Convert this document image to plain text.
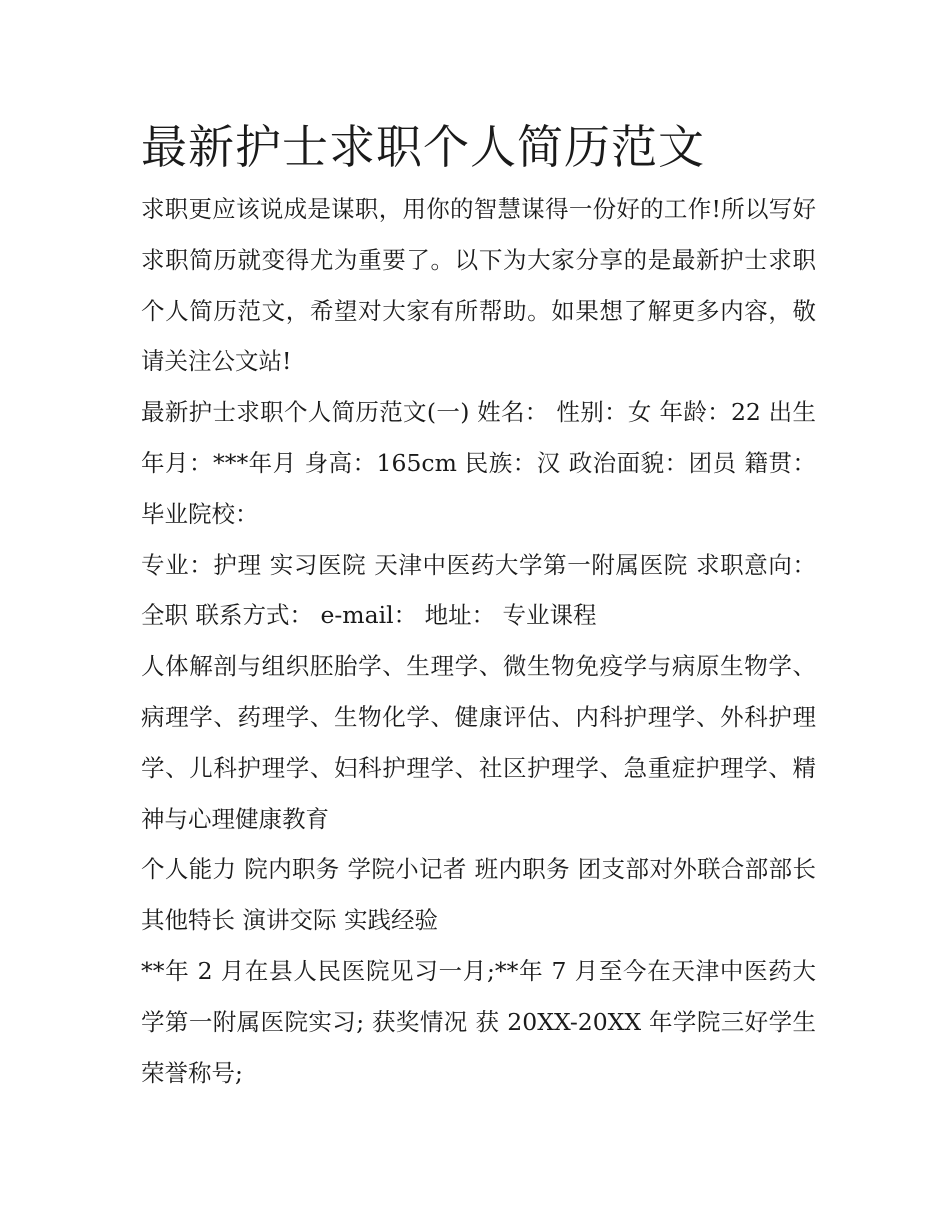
最新护士求职个人简历范文

求职更应该说成是谋职，用你的智慧谋得一份好的工作!所以写好求职简历就变得尤为重要了。以下为大家分享的是最新护士求职个人简历范文，希望对大家有所帮助。如果想了解更多内容，敬请关注公文站!

最新护士求职个人简历范文(一) 姓名： 性别：女 年龄：22 出生年月：***年月 身高：165cm 民族：汉 政治面貌：团员 籍贯： 毕业院校：

专业：护理 实习医院 天津中医药大学第一附属医院 求职意向：全职 联系方式： e-mail： 地址： 专业课程

人体解剖与组织胚胎学、生理学、微生物免疫学与病原生物学、病理学、药理学、生物化学、健康评估、内科护理学、外科护理学、儿科护理学、妇科护理学、社区护理学、急重症护理学、精神与心理健康教育

个人能力 院内职务 学院小记者 班内职务 团支部对外联合部部长 其他特长 演讲交际 实践经验

**年 2 月在县人民医院见习一月;**年 7 月至今在天津中医药大学第一附属医院实习; 获奖情况 获 20XX-20XX 年学院三好学生荣誉称号;
